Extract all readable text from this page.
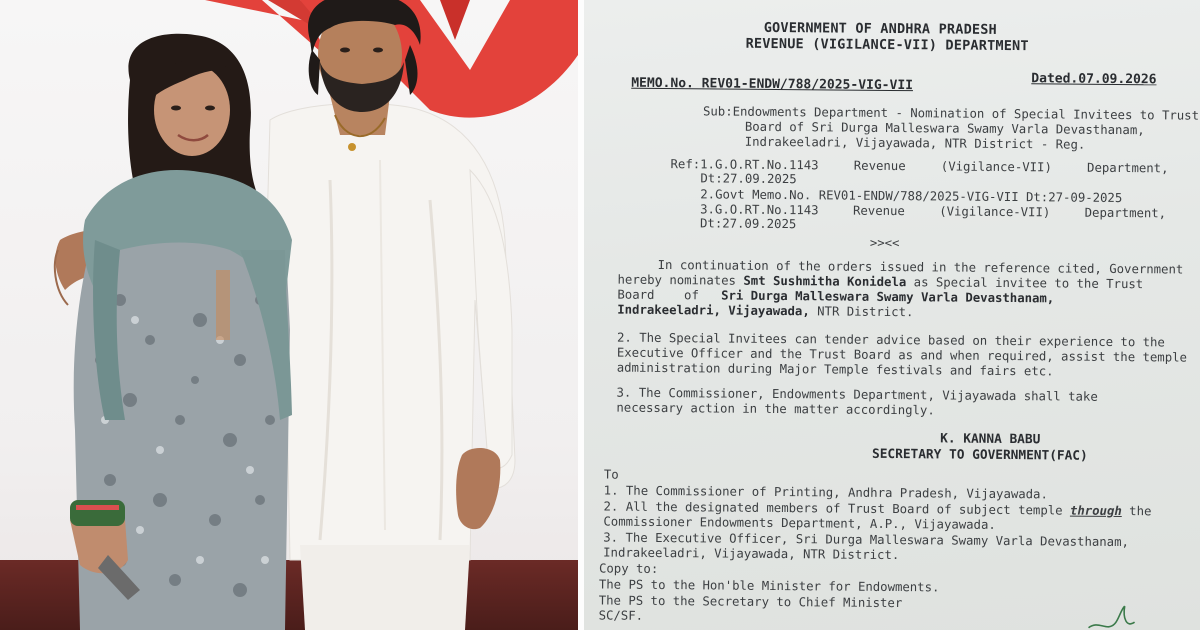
GOVERNMENT OF ANDHRA PRADESH
REVENUE (VIGILANCE-VII) DEPARTMENT
MEMO.No. REV01-ENDW/788/2025-VIG-VII	Dated.07.09.2026
Sub:Endowments Department - Nomination of Special Invitees to Trust
Board of Sri Durga Malleswara Swamy Varla Devasthanam,
Indrakeeladri, Vijayawada, NTR District - Reg.
Ref:1.G.O.RT.No.1143	Revenue	(Vigilance-VII)	Department,
Dt:27.09.2025
2.Govt Memo.No. REV01-ENDW/788/2025-VIG-VII Dt:27-09-2025
3.G.O.RT.No.1143	Revenue	(Vigilance-VII)	Department,
Dt:27.09.2025
>><<
In continuation of the orders issued in the reference cited, Government
hereby nominates Smt Sushmitha Konidela as Special invitee to the Trust
Board of Sri Durga Malleswara Swamy Varla Devasthanam,
Indrakeeladri, Vijayawada, NTR District.
2. The Special Invitees can tender advice based on their experience to the
Executive Officer and the Trust Board as and when required, assist the temple
administration during Major Temple festivals and fairs etc.
3. The Commissioner, Endowments Department, Vijayawada shall take
necessary action in the matter accordingly.
K. KANNA BABU
SECRETARY TO GOVERNMENT(FAC)
To
1. The Commissioner of Printing, Andhra Pradesh, Vijayawada.
2. All the designated members of Trust Board of subject temple through the
Commissioner Endowments Department, A.P., Vijayawada.
3. The Executive Officer, Sri Durga Malleswara Swamy Varla Devasthanam,
Indrakeeladri, Vijayawada, NTR District.
Copy to:
The PS to the Hon'ble Minister for Endowments.
The PS to the Secretary to Chief Minister
SC/SF.
